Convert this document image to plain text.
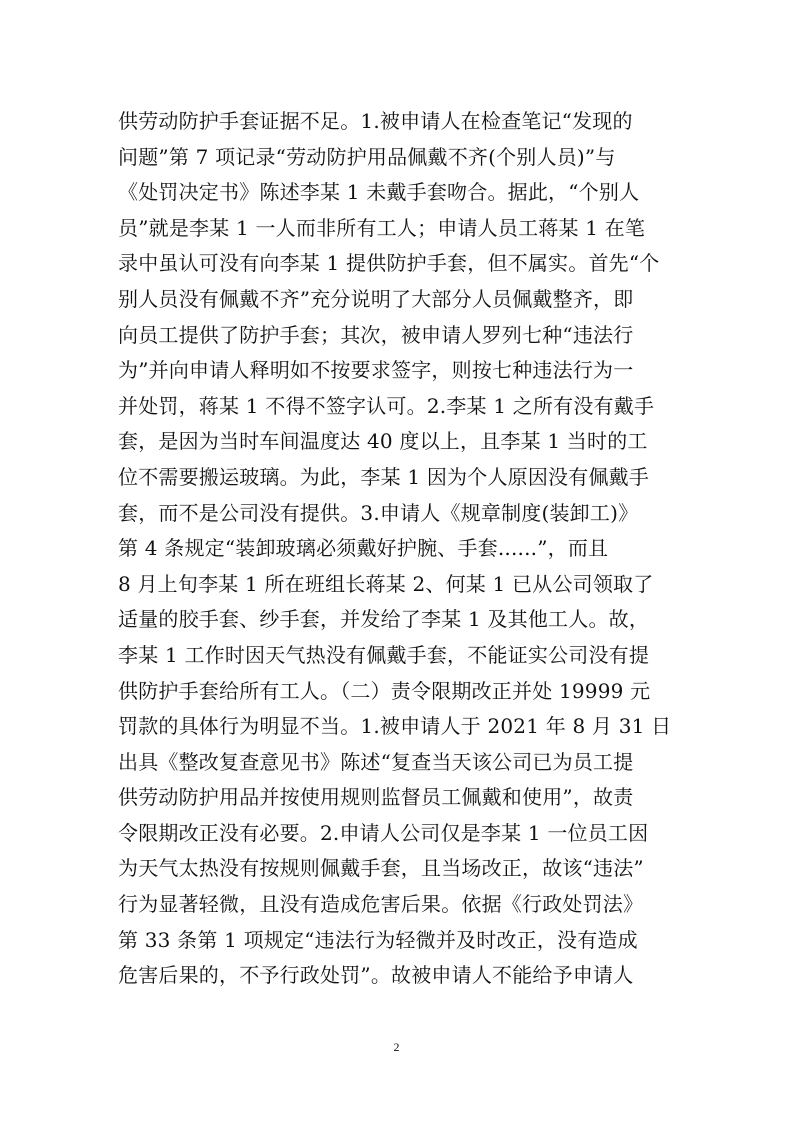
供劳动防护手套证据不足。1.被申请人在检查笔记“发现的
问题”第 7 项记录“劳动防护用品佩戴不齐(个别人员)”与
《处罚决定书》陈述李某 1 未戴手套吻合。据此，“个别人
员”就是李某 1 一人而非所有工人；申请人员工蒋某 1 在笔
录中虽认可没有向李某 1 提供防护手套，但不属实。首先“个
别人员没有佩戴不齐”充分说明了大部分人员佩戴整齐，即
向员工提供了防护手套；其次，被申请人罗列七种“违法行
为”并向申请人释明如不按要求签字，则按七种违法行为一
并处罚，蒋某 1 不得不签字认可。2.李某 1 之所有没有戴手
套，是因为当时车间温度达 40 度以上，且李某 1 当时的工
位不需要搬运玻璃。为此，李某 1 因为个人原因没有佩戴手
套，而不是公司没有提供。3.申请人《规章制度(装卸工)》
第 4 条规定“装卸玻璃必须戴好护腕、手套......”，而且
8 月上旬李某 1 所在班组长蒋某 2、何某 1 已从公司领取了
适量的胶手套、纱手套，并发给了李某 1 及其他工人。故，
李某 1 工作时因天气热没有佩戴手套，不能证实公司没有提
供防护手套给所有工人。（二）责令限期改正并处 19999 元
罚款的具体行为明显不当。1.被申请人于 2021 年 8 月 31 日
出具《整改复查意见书》陈述“复查当天该公司已为员工提
供劳动防护用品并按使用规则监督员工佩戴和使用”，故责
令限期改正没有必要。2.申请人公司仅是李某 1 一位员工因
为天气太热没有按规则佩戴手套，且当场改正，故该“违法”
行为显著轻微，且没有造成危害后果。依据《行政处罚法》
第 33 条第 1 项规定“违法行为轻微并及时改正，没有造成
危害后果的，不予行政处罚”。故被申请人不能给予申请人
2
